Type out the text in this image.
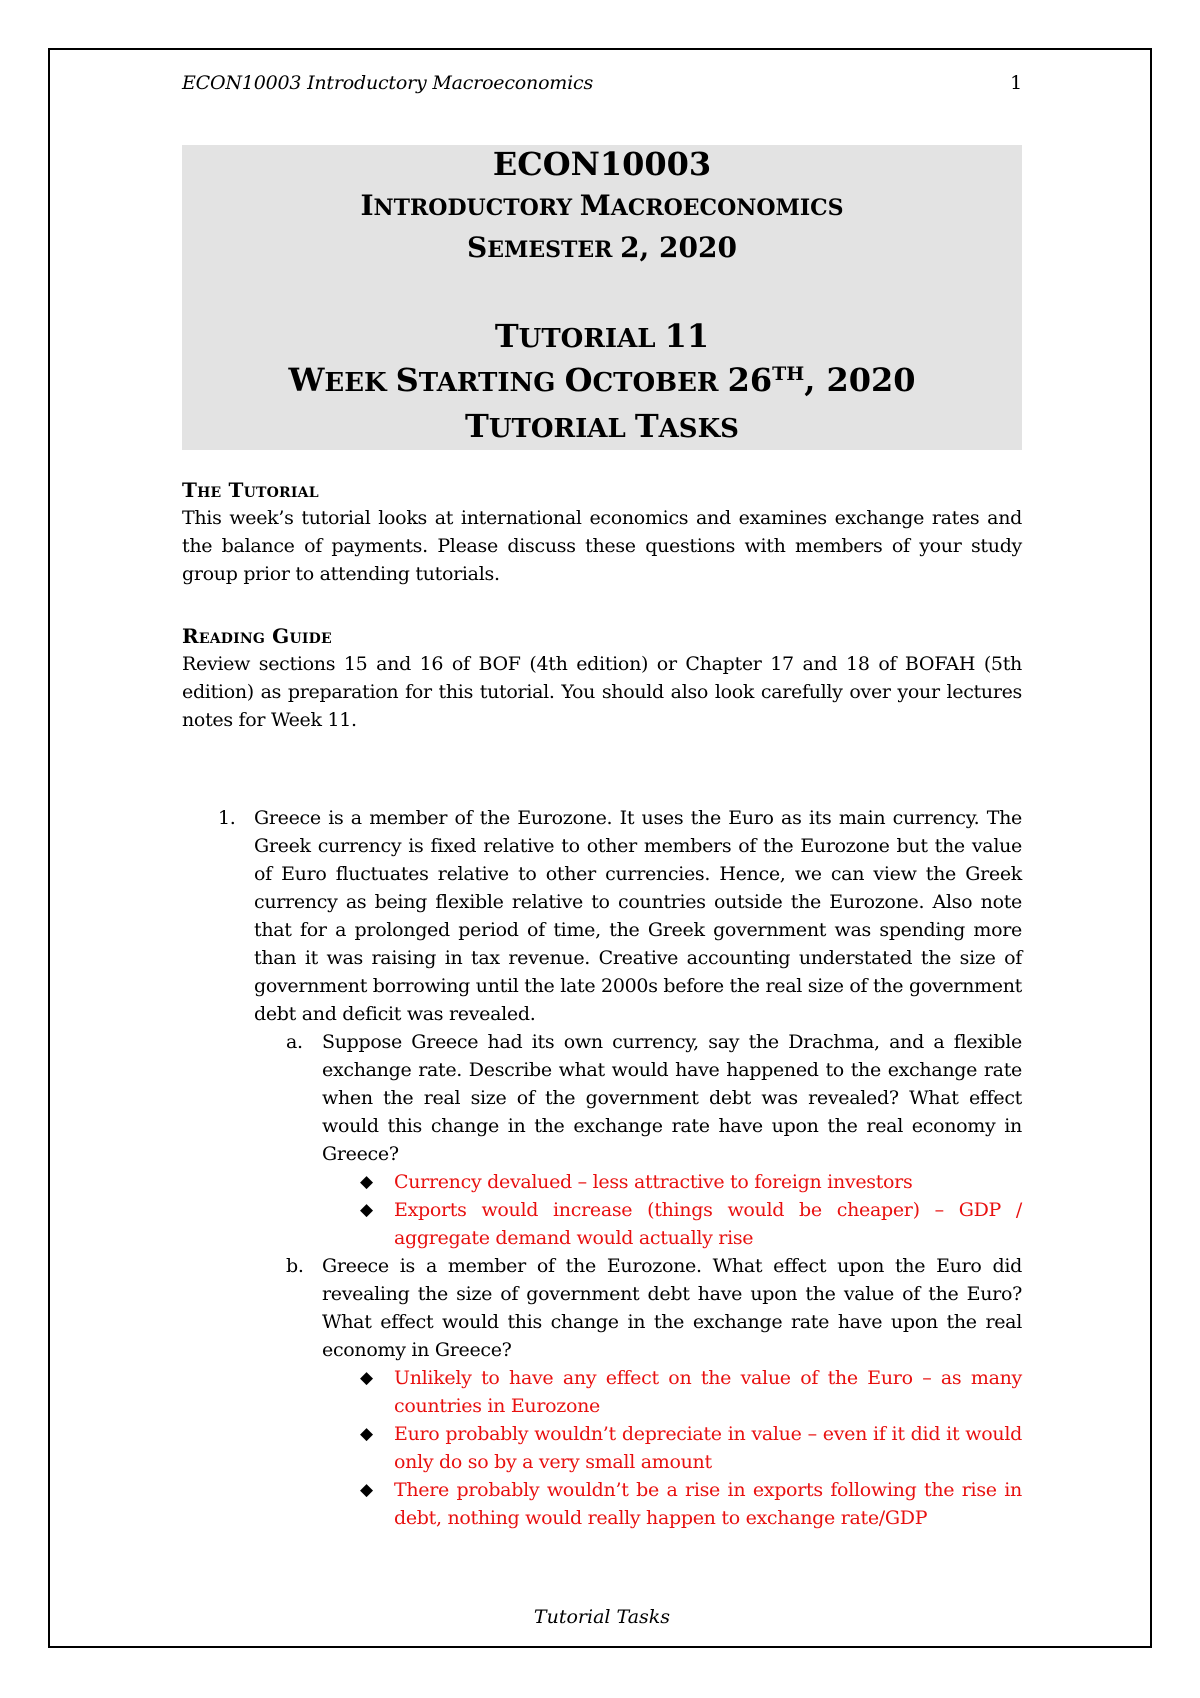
ECON10003 Introductory Macroeconomics	1
ECON10003
INTRODUCTORY MACROECONOMICS
SEMESTER 2, 2020
TUTORIAL 11
WEEK STARTING OCTOBER 26TH, 2020
TUTORIAL TASKS
The Tutorial

This week’s tutorial looks at international economics and examines exchange rates and the balance of payments. Please discuss these questions with members of your study group prior to attending tutorials.

Reading Guide

Review sections 15 and 16 of BOF (4th edition) or Chapter 17 and 18 of BOFAH (5th edition) as preparation for this tutorial. You should also look carefully over your lectures notes for Week 11.

1. Greece is a member of the Eurozone. It uses the Euro as its main currency. The Greek currency is fixed relative to other members of the Eurozone but the value of Euro fluctuates relative to other currencies. Hence, we can view the Greek currency as being flexible relative to countries outside the Eurozone. Also note that for a prolonged period of time, the Greek government was spending more than it was raising in tax revenue. Creative accounting understated the size of government borrowing until the late 2000s before the real size of the government debt and deficit was revealed.
a. Suppose Greece had its own currency, say the Drachma, and a flexible exchange rate. Describe what would have happened to the exchange rate when the real size of the government debt was revealed? What effect would this change in the exchange rate have upon the real economy in Greece?
◆ Currency devalued – less attractive to foreign investors
◆ Exports would increase (things would be cheaper) – GDP / aggregate demand would actually rise
b. Greece is a member of the Eurozone. What effect upon the Euro did revealing the size of government debt have upon the value of the Euro? What effect would this change in the exchange rate have upon the real economy in Greece?
◆ Unlikely to have any effect on the value of the Euro – as many countries in Eurozone
◆ Euro probably wouldn’t depreciate in value – even if it did it would only do so by a very small amount
◆ There probably wouldn’t be a rise in exports following the rise in debt, nothing would really happen to exchange rate/GDP
Tutorial Tasks
